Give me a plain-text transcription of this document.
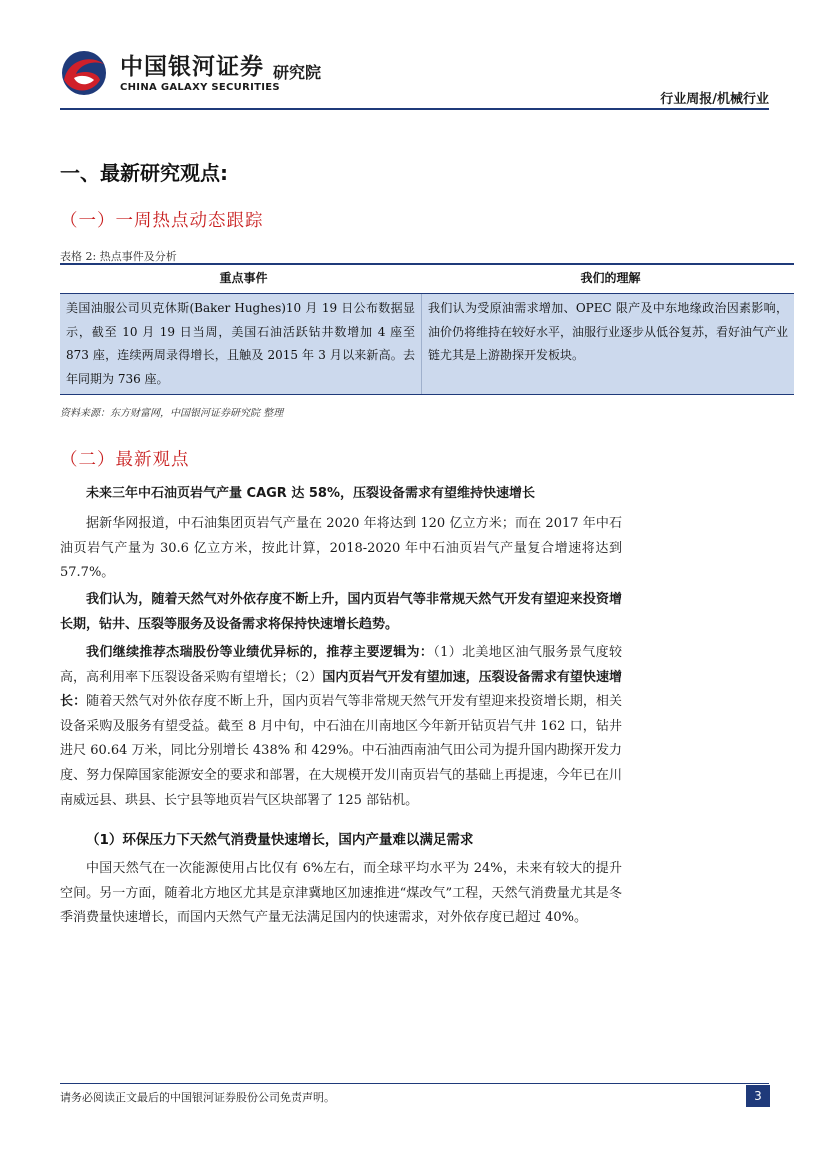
中国银河证券
CHINA GALAXY SECURITIES
研究院
行业周报/机械行业
一、最新研究观点:
（一）一周热点动态跟踪
表格 2: 热点事件及分析
重点事件	我们的理解
美国油服公司贝克休斯(Baker Hughes)10 月 19 日公布数据显示，截至 10 月 19 日当周，美国石油活跃钻井数增加 4 座至 873 座，连续两周录得增长，且触及 2015 年 3 月以来新高。去年同期为 736 座。
我们认为受原油需求增加、OPEC 限产及中东地缘政治因素影响，油价仍将维持在较好水平，油服行业逐步从低谷复苏，看好油气产业链尤其是上游勘探开发板块。
资料来源：东方财富网，中国银河证券研究院 整理
（二）最新观点
未来三年中石油页岩气产量 CAGR 达 58%，压裂设备需求有望维持快速增长
据新华网报道，中石油集团页岩气产量在 2020 年将达到 120 亿立方米；而在 2017 年中石油页岩气产量为 30.6 亿立方米，按此计算，2018-2020 年中石油页岩气产量复合增速将达到 57.7%。
我们认为，随着天然气对外依存度不断上升，国内页岩气等非常规天然气开发有望迎来投资增长期，钻井、压裂等服务及设备需求将保持快速增长趋势。
我们继续推荐杰瑞股份等业绩优异标的，推荐主要逻辑为：（1）北美地区油气服务景气度较高，高利用率下压裂设备采购有望增长；（2）国内页岩气开发有望加速，压裂设备需求有望快速增长：随着天然气对外依存度不断上升，国内页岩气等非常规天然气开发有望迎来投资增长期，相关设备采购及服务有望受益。截至 8 月中旬，中石油在川南地区今年新开钻页岩气井 162 口，钻井进尺 60.64 万米，同比分别增长 438% 和 429%。中石油西南油气田公司为提升国内勘探开发力度、努力保障国家能源安全的要求和部署，在大规模开发川南页岩气的基础上再提速，今年已在川南威远县、珙县、长宁县等地页岩气区块部署了 125 部钻机。
（1）环保压力下天然气消费量快速增长，国内产量难以满足需求
中国天然气在一次能源使用占比仅有 6%左右，而全球平均水平为 24%，未来有较大的提升空间。另一方面，随着北方地区尤其是京津冀地区加速推进“煤改气”工程，天然气消费量尤其是冬季消费量快速增长，而国内天然气产量无法满足国内的快速需求，对外依存度已超过 40%。
请务必阅读正文最后的中国银河证券股份公司免责声明。	3
